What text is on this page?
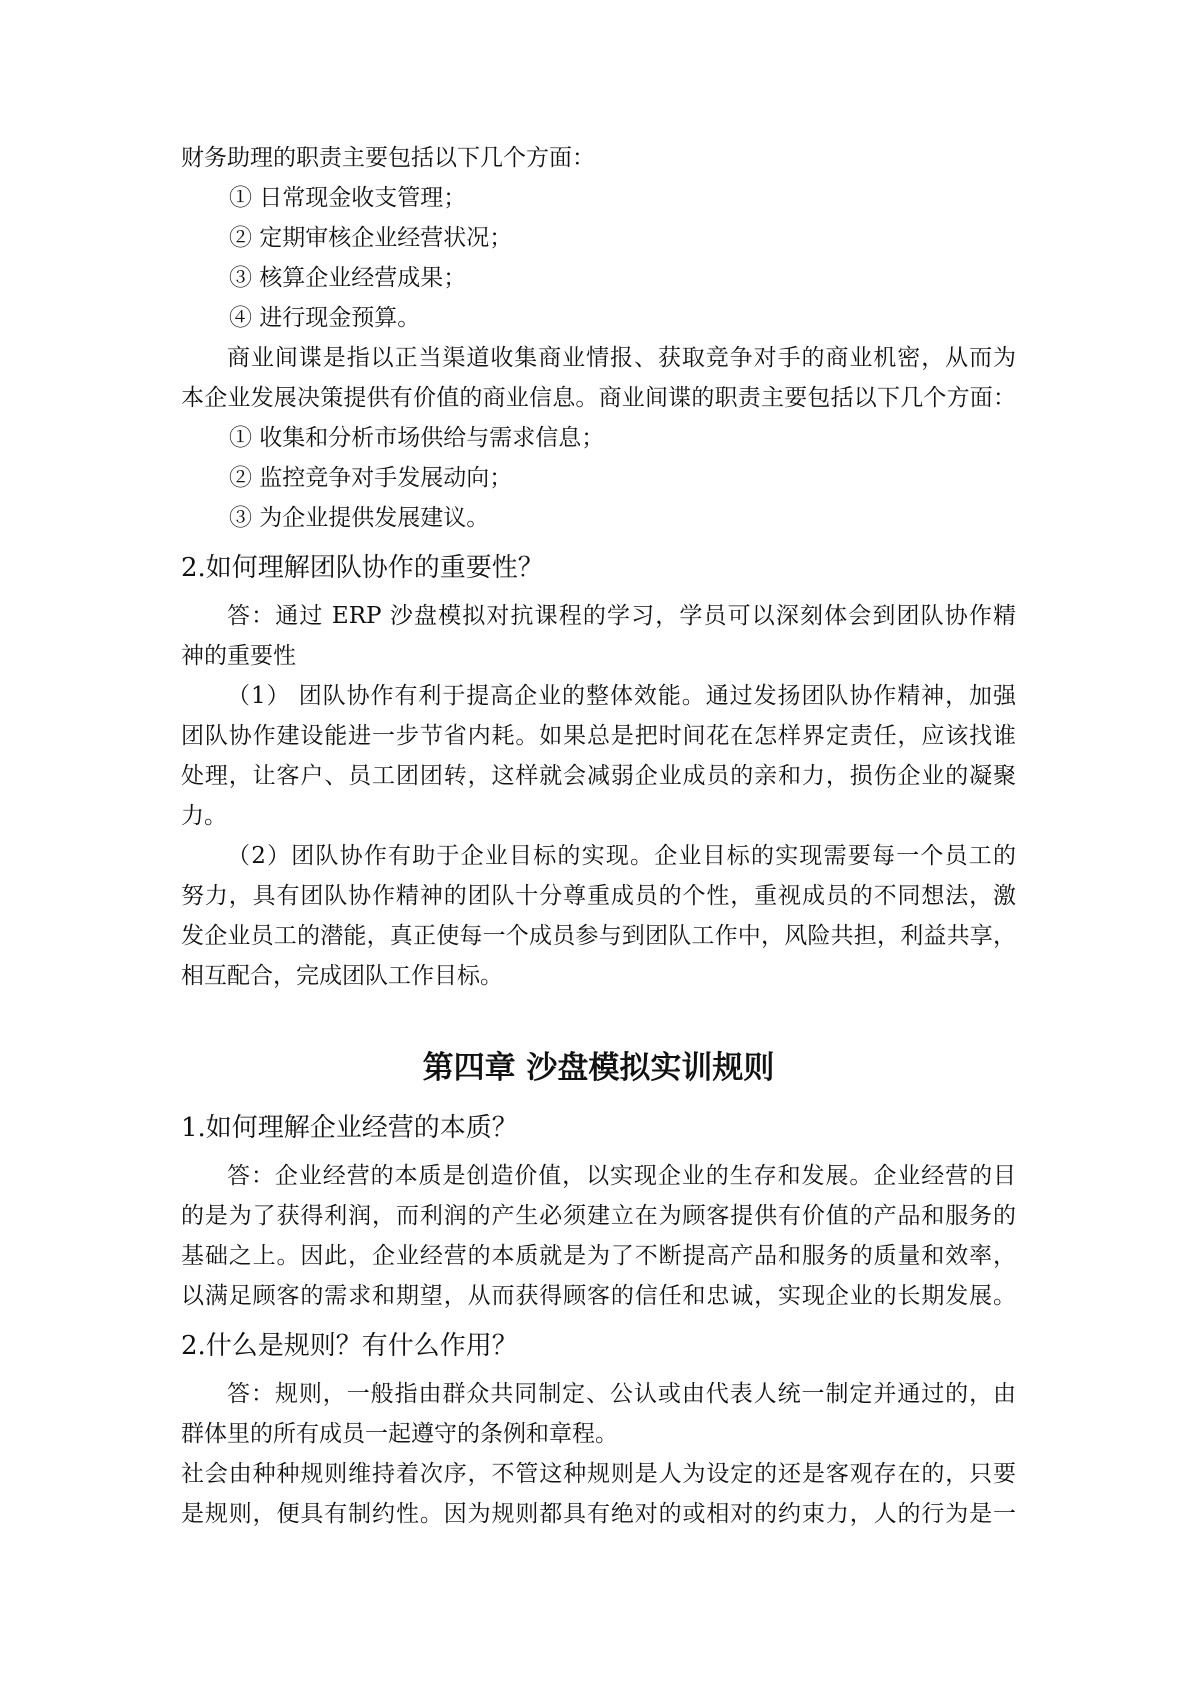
财务助理的职责主要包括以下几个方面：

① 日常现金收支管理；

② 定期审核企业经营状况；

③ 核算企业经营成果；

④ 进行现金预算。

商业间谍是指以正当渠道收集商业情报、获取竞争对手的商业机密，从而为

本企业发展决策提供有价值的商业信息。商业间谍的职责主要包括以下几个方面：

① 收集和分析市场供给与需求信息；

② 监控竞争对手发展动向；

③ 为企业提供发展建议。

2.如何理解团队协作的重要性？

答：通过 ERP 沙盘模拟对抗课程的学习，学员可以深刻体会到团队协作精

神的重要性

（1） 团队协作有利于提高企业的整体效能。通过发扬团队协作精神，加强

团队协作建设能进一步节省内耗。如果总是把时间花在怎样界定责任，应该找谁

处理，让客户、员工团团转，这样就会减弱企业成员的亲和力，损伤企业的凝聚

力。

（2）团队协作有助于企业目标的实现。企业目标的实现需要每一个员工的

努力，具有团队协作精神的团队十分尊重成员的个性，重视成员的不同想法，激

发企业员工的潜能，真正使每一个成员参与到团队工作中，风险共担，利益共享，

相互配合，完成团队工作目标。

第四章 沙盘模拟实训规则

1.如何理解企业经营的本质？

答：企业经营的本质是创造价值，以实现企业的生存和发展。企业经营的目

的是为了获得利润，而利润的产生必须建立在为顾客提供有价值的产品和服务的

基础之上。因此，企业经营的本质就是为了不断提高产品和服务的质量和效率，

以满足顾客的需求和期望，从而获得顾客的信任和忠诚，实现企业的长期发展。

2.什么是规则？有什么作用？

答：规则，一般指由群众共同制定、公认或由代表人统一制定并通过的，由

群体里的所有成员一起遵守的条例和章程。

社会由种种规则维持着次序，不管这种规则是人为设定的还是客观存在的，只要

是规则，便具有制约性。因为规则都具有绝对的或相对的约束力，人的行为是一
